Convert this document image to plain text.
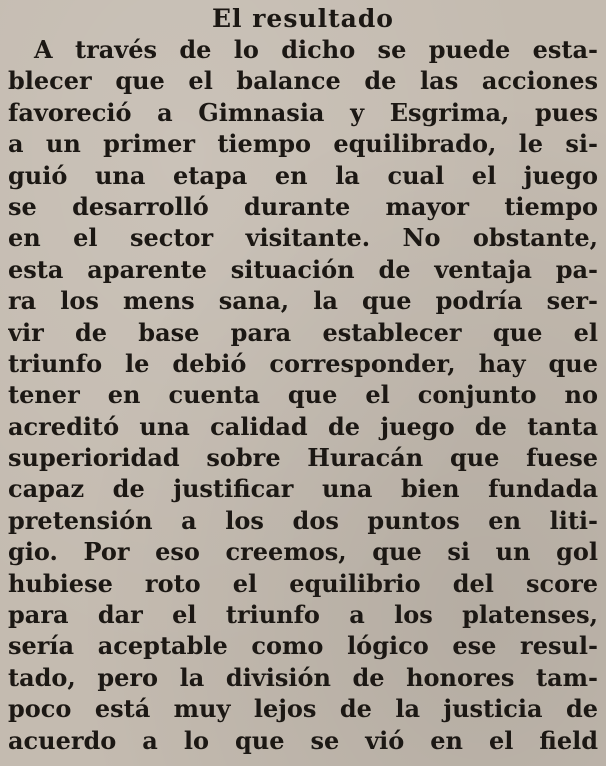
El resultado
A través de lo dicho se puede esta-
blecer que el balance de las acciones
favoreció a Gimnasia y Esgrima, pues
a un primer tiempo equilibrado, le si-
guió una etapa en la cual el juego
se desarrolló durante mayor tiempo
en el sector visitante. No obstante,
esta aparente situación de ventaja pa-
ra los mens sana, la que podría ser-
vir de base para establecer que el
triunfo le debió corresponder, hay que
tener en cuenta que el conjunto no
acreditó una calidad de juego de tanta
superioridad sobre Huracán que fuese
capaz de justificar una bien fundada
pretensión a los dos puntos en liti-
gio. Por eso creemos, que si un gol
hubiese roto el equilibrio del score
para dar el triunfo a los platenses,
sería aceptable como lógico ese resul-
tado, pero la división de honores tam-
poco está muy lejos de la justicia de
acuerdo a lo que se vió en el field
